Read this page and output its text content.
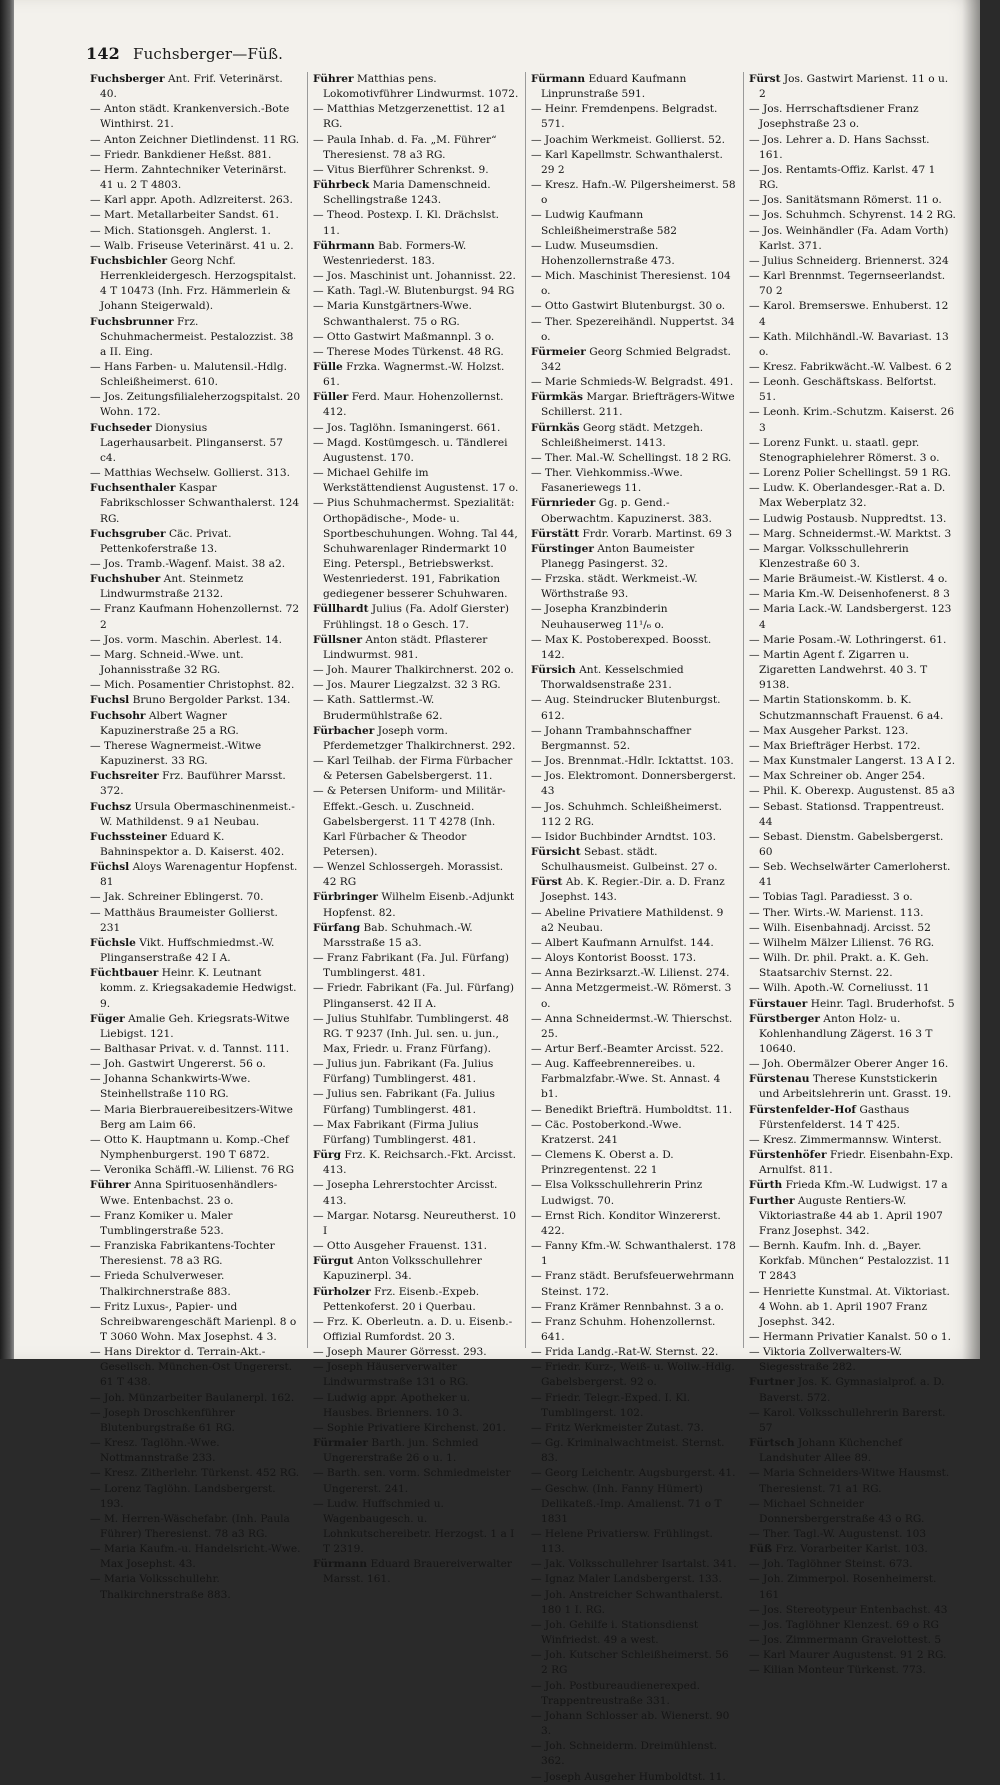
142 Fuchsberger—Füß.

Fuchsberger Ant. Frif. Veterinärst. 40.

— Anton städt. Krankenversich.-Bote Winthirst. 21.

— Anton Zeichner Dietlindenst. 11 RG.

— Friedr. Bankdiener Heßst. 881.

— Herm. Zahntechniker Veterinärst. 41 u. 2 T 4803.

— Karl appr. Apoth. Adlzreiterst. 263.

— Mart. Metallarbeiter Sandst. 61.

— Mich. Stationsgeh. Anglerst. 1.

— Walb. Friseuse Veterinärst. 41 u. 2.

Fuchsbichler Georg Nchf. Herrenkleidergesch. Herzogspitalst. 4 T 10473 (Inh. Frz. Hämmerlein & Johann Steigerwald).

Fuchsbrunner Frz. Schuhmachermeist. Pestalozzist. 38 a II. Eing.

— Hans Farben- u. Malutensil.-Hdlg. Schleißheimerst. 610.

— Jos. Zeitungsfilialeherzogspitalst. 20 Wohn. 172.

Fuchseder Dionysius Lagerhausarbeit. Plinganserst. 57 c4.

— Matthias Wechselw. Gollierst. 313.

Fuchsenthaler Kaspar Fabrikschlosser Schwanthalerst. 124 RG.

Fuchsgruber Cäc. Privat. Pettenkoferstraße 13.

— Jos. Tramb.-Wagenf. Maist. 38 a2.

Fuchshuber Ant. Steinmetz Lindwurmstraße 2132.

— Franz Kaufmann Hohenzollernst. 72 2

— Jos. vorm. Maschin. Aberlest. 14.

— Marg. Schneid.-Wwe. unt. Johannisstraße 32 RG.

— Mich. Posamentier Christophst. 82.

Fuchsl Bruno Bergolder Parkst. 134.

Fuchsohr Albert Wagner Kapuzinerstraße 25 a RG.

— Therese Wagnermeist.-Witwe Kapuzinerst. 33 RG.

Fuchsreiter Frz. Bauführer Marsst. 372.

Fuchsz Ursula Obermaschinenmeist.-W. Mathildenst. 9 a1 Neubau.

Fuchssteiner Eduard K. Bahninspektor a. D. Kaiserst. 402.

Füchsl Aloys Warenagentur Hopfenst. 81

— Jak. Schreiner Eblingerst. 70.

— Matthäus Braumeister Gollierst. 231

Füchsle Vikt. Huffschmiedmst.-W. Plinganserstraße 42 I A.

Füchtbauer Heinr. K. Leutnant komm. z. Kriegsakademie Hedwigst. 9.

Füger Amalie Geh. Kriegsrats-Witwe Liebigst. 121.

— Balthasar Privat. v. d. Tannst. 111.

— Joh. Gastwirt Ungererst. 56 o.

— Johanna Schankwirts-Wwe. Steinhellstraße 110 RG.

— Maria Bierbrauereibesitzers-Witwe Berg am Laim 66.

— Otto K. Hauptmann u. Komp.-Chef Nymphenburgerst. 190 T 6872.

— Veronika Schäffl.-W. Lilienst. 76 RG

Führer Anna Spirituosenhändlers-Wwe. Entenbachst. 23 o.

— Franz Komiker u. Maler Tumblingerstraße 523.

— Franziska Fabrikantens-Tochter Theresienst. 78 a3 RG.

— Frieda Schulverweser. Thalkirchnerstraße 883.

— Fritz Luxus-, Papier- und Schreibwarengeschäft Marienpl. 8 o T 3060 Wohn. Max Josephst. 4 3.

— Hans Direktor d. Terrain-Akt.-Gesellsch. München-Ost Ungererst. 61 T 438.

— Joh. Münzarbeiter Baulanerpl. 162.

— Joseph Droschkenführer Blutenburgstraße 61 RG.

— Kresz. Taglöhn.-Wwe. Nottmannstraße 233.

— Kresz. Zitherlehr. Türkenst. 452 RG.

— Lorenz Taglöhn. Landsbergerst. 193.

— M. Herren-Wäschefabr. (Inh. Paula Führer) Theresienst. 78 a3 RG.

— Maria Kaufm.-u. Handelsricht.-Wwe. Max Josephst. 43.

— Maria Volksschullehr. Thalkirchnerstraße 883.

Führer Matthias pens. Lokomotivführer Lindwurmst. 1072.

— Matthias Metzgerzenettist. 12 a1 RG.

— Paula Inhab. d. Fa. „M. Führer“ Theresienst. 78 a3 RG.

— Vitus Bierführer Schrenkst. 9.

Führbeck Maria Damenschneid. Schellingstraße 1243.

— Theod. Postexp. I. Kl. Drächslst. 11.

Führmann Bab. Formers-W. Westenriederst. 183.

— Jos. Maschinist unt. Johannisst. 22.

— Kath. Tagl.-W. Blutenburgst. 94 RG

— Maria Kunstgärtners-Wwe. Schwanthalerst. 75 o RG.

— Otto Gastwirt Maßmannpl. 3 o.

— Therese Modes Türkenst. 48 RG.

Fülle Frzka. Wagnermst.-W. Holzst. 61.

Füller Ferd. Maur. Hohenzollernst. 412.

— Jos. Taglöhn. Ismaningerst. 661.

— Magd. Kostümgesch. u. Tändlerei Augustenst. 170.

— Michael Gehilfe im Werkstättendienst Augustenst. 17 o.

— Pius Schuhmachermst. Spezialität: Orthopädische-, Mode- u. Sportbeschuhungen. Wohng. Tal 44, Schuhwarenlager Rindermarkt 10 Eing. Peterspl., Betriebswerkst. Westenriederst. 191, Fabrikation gediegener besserer Schuhwaren.

Füllhardt Julius (Fa. Adolf Gierster) Frühlingst. 18 o Gesch. 17.

Füllsner Anton städt. Pflasterer Lindwurmst. 981.

— Joh. Maurer Thalkirchnerst. 202 o.

— Jos. Maurer Liegzalzst. 32 3 RG.

— Kath. Sattlermst.-W. Brudermühlstraße 62.

Fürbacher Joseph vorm. Pferdemetzger Thalkirchnerst. 292.

— Karl Teilhab. der Firma Fürbacher & Petersen Gabelsbergerst. 11.

— & Petersen Uniform- und Militär-Effekt.-Gesch. u. Zuschneid. Gabelsbergerst. 11 T 4278 (Inh. Karl Fürbacher & Theodor Petersen).

— Wenzel Schlossergeh. Morassist. 42 RG

Fürbringer Wilhelm Eisenb.-Adjunkt Hopfenst. 82.

Fürfang Bab. Schuhmach.-W. Marsstraße 15 a3.

— Franz Fabrikant (Fa. Jul. Fürfang) Tumblingerst. 481.

— Friedr. Fabrikant (Fa. Jul. Fürfang) Plinganserst. 42 II A.

— Julius Stuhlfabr. Tumblingerst. 48 RG. T 9237 (Inh. Jul. sen. u. jun., Max, Friedr. u. Franz Fürfang).

— Julius jun. Fabrikant (Fa. Julius Fürfang) Tumblingerst. 481.

— Julius sen. Fabrikant (Fa. Julius Fürfang) Tumblingerst. 481.

— Max Fabrikant (Firma Julius Fürfang) Tumblingerst. 481.

Fürg Frz. K. Reichsarch.-Fkt. Arcisst. 413.

— Josepha Lehrerstochter Arcisst. 413.

— Margar. Notarsg. Neureutherst. 10 I

— Otto Ausgeher Frauenst. 131.

Fürgut Anton Volksschullehrer Kapuzinerpl. 34.

Fürholzer Frz. Eisenb.-Expeb. Pettenkoferst. 20 i Querbau.

— Frz. K. Oberleutn. a. D. u. Eisenb.-Offizial Rumfordst. 20 3.

— Joseph Maurer Görresst. 293.

— Joseph Häuserverwalter Lindwurmstraße 131 o RG.

— Ludwig appr. Apotheker u. Hausbes. Brienners. 10 3.

— Sophie Privatiere Kirchenst. 201.

Fürmaier Barth. jun. Schmied Ungererstraße 26 o u. 1.

— Barth. sen. vorm. Schmiedmeister Ungererst. 241.

— Ludw. Huffschmied u. Wagenbaugesch. u. Lohnkutschereibetr. Herzogst. 1 a I T 2319.

Fürmann Eduard Brauereiverwalter Marsst. 161.

Fürmann Eduard Kaufmann Linprunstraße 591.

— Heinr. Fremdenpens. Belgradst. 571.

— Joachim Werkmeist. Gollierst. 52.

— Karl Kapellmstr. Schwanthalerst. 29 2

— Kresz. Hafn.-W. Pilgersheimerst. 58 o

— Ludwig Kaufmann Schleißheimerstraße 582

— Ludw. Museumsdien. Hohenzollernstraße 473.

— Mich. Maschinist Theresienst. 104 o.

— Otto Gastwirt Blutenburgst. 30 o.

— Ther. Spezereihändl. Nuppertst. 34 o.

Fürmeier Georg Schmied Belgradst. 342

— Marie Schmieds-W. Belgradst. 491.

Fürmkäs Margar. Briefträgers-Witwe Schillerst. 211.

Fürnkäs Georg städt. Metzgeh. Schleißheimerst. 1413.

— Ther. Mal.-W. Schellingst. 18 2 RG.

— Ther. Viehkommiss.-Wwe. Fasaneriewegs 11.

Fürnrieder Gg. p. Gend.-Oberwachtm. Kapuzinerst. 383.

Fürstätt Frdr. Vorarb. Martinst. 69 3

Fürstinger Anton Baumeister Planegg Pasingerst. 32.

— Frzska. städt. Werkmeist.-W. Wörthstraße 93.

— Josepha Kranzbinderin Neuhauserweg 11¹/₆ o.

— Max K. Postoberexped. Boosst. 142.

Fürsich Ant. Kesselschmied Thorwaldsenstraße 231.

— Aug. Steindrucker Blutenburgst. 612.

— Johann Trambahnschaffner Bergmannst. 52.

— Jos. Brennmat.-Hdlr. Icktattst. 103.

— Jos. Elektromont. Donnersbergerst. 43

— Jos. Schuhmch. Schleißheimerst. 112 2 RG.

— Isidor Buchbinder Arndtst. 103.

Fürsicht Sebast. städt. Schulhausmeist. Gulbeinst. 27 o.

Fürst Ab. K. Regier.-Dir. a. D. Franz Josephst. 143.

— Abeline Privatiere Mathildenst. 9 a2 Neubau.

— Albert Kaufmann Arnulfst. 144.

— Aloys Kontorist Boosst. 173.

— Anna Bezirksarzt.-W. Lilienst. 274.

— Anna Metzgermeist.-W. Römerst. 3 o.

— Anna Schneidermst.-W. Thierschst. 25.

— Artur Berf.-Beamter Arcisst. 522.

— Aug. Kaffeebrennereibes. u. Farbmalzfabr.-Wwe. St. Annast. 4 b1.

— Benedikt Briefträ. Humboldtst. 11.

— Cäc. Postoberkond.-Wwe. Kratzerst. 241

— Clemens K. Oberst a. D. Prinzregentenst. 22 1

— Elsa Volksschullehrerin Prinz Ludwigst. 70.

— Ernst Rich. Konditor Winzererst. 422.

— Fanny Kfm.-W. Schwanthalerst. 178 1

— Franz städt. Berufsfeuerwehrmann Steinst. 172.

— Franz Krämer Rennbahnst. 3 a o.

— Franz Schuhm. Hohenzollernst. 641.

— Frida Landg.-Rat-W. Sternst. 22.

— Friedr. Kurz-, Weiß- u. Wollw.-Hdlg. Gabelsbergerst. 92 o.

— Friedr. Telegr.-Exped. I. Kl. Tumblingerst. 102.

— Fritz Werkmeister Zutast. 73.

— Gg. Kriminalwachtmeist. Sternst. 83.

— Georg Leichentr. Augsburgerst. 41.

— Geschw. (Inh. Fanny Hümert) Delikateß.-Imp. Amalienst. 71 o T 1831

— Helene Privatiersw. Frühlingst. 113.

— Jak. Volksschullehrer Isartalst. 341.

— Ignaz Maler Landsbergerst. 133.

— Joh. Anstreicher Schwanthalerst. 180 1 I. RG.

— Joh. Gehilfe i. Stationsdienst Winfriedst. 49 a west.

— Joh. Kutscher Schleißheimerst. 56 2 RG

— Joh. Postbureaudienerexped. Trappentreustraße 331.

— Johann Schlosser ab. Wienerst. 90 3.

— Joh. Schneiderm. Dreimühlenst. 362.

— Joseph Ausgeher Humboldtst. 11.

Fürst Jos. Gastwirt Marienst. 11 o u. 2

— Jos. Herrschaftsdiener Franz Josephstraße 23 o.

— Jos. Lehrer a. D. Hans Sachsst. 161.

— Jos. Rentamts-Offiz. Karlst. 47 1 RG.

— Jos. Sanitätsmann Römerst. 11 o.

— Jos. Schuhmch. Schyrenst. 14 2 RG.

— Jos. Weinhändler (Fa. Adam Vorth) Karlst. 371.

— Julius Schneiderg. Briennerst. 324

— Karl Brennmst. Tegernseerlandst. 70 2

— Karol. Bremserswe. Enhuberst. 12 4

— Kath. Milchhändl.-W. Bavariast. 13 o.

— Kresz. Fabrikwächt.-W. Valbest. 6 2

— Leonh. Geschäftskass. Belfortst. 51.

— Leonh. Krim.-Schutzm. Kaiserst. 26 3

— Lorenz Funkt. u. staatl. gepr. Stenographielehrer Römerst. 3 o.

— Lorenz Polier Schellingst. 59 1 RG.

— Ludw. K. Oberlandesger.-Rat a. D. Max Weberplatz 32.

— Ludwig Postausb. Nuppredtst. 13.

— Marg. Schneidermst.-W. Marktst. 3

— Margar. Volksschullehrerin Klenzestraße 60 3.

— Marie Bräumeist.-W. Kistlerst. 4 o.

— Maria Km.-W. Deisenhofenerst. 8 3

— Maria Lack.-W. Landsbergerst. 123 4

— Marie Posam.-W. Lothringerst. 61.

— Martin Agent f. Zigarren u. Zigaretten Landwehrst. 40 3. T 9138.

— Martin Stationskomm. b. K. Schutzmannschaft Frauenst. 6 a4.

— Max Ausgeher Parkst. 123.

— Max Briefträger Herbst. 172.

— Max Kunstmaler Langerst. 13 A I 2.

— Max Schreiner ob. Anger 254.

— Phil. K. Oberexp. Augustenst. 85 a3

— Sebast. Stationsd. Trappentreust. 44

— Sebast. Dienstm. Gabelsbergerst. 60

— Seb. Wechselwärter Camerloherst. 41

— Tobias Tagl. Paradiesst. 3 o.

— Ther. Wirts.-W. Marienst. 113.

— Wilh. Eisenbahnadj. Arcisst. 52

— Wilhelm Mälzer Lilienst. 76 RG.

— Wilh. Dr. phil. Prakt. a. K. Geh. Staatsarchiv Sternst. 22.

— Wilh. Apoth.-W. Corneliusst. 11

Fürstauer Heinr. Tagl. Bruderhofst. 5

Fürstberger Anton Holz- u. Kohlenhandlung Zägerst. 16 3 T 10640.

— Joh. Obermälzer Oberer Anger 16.

Fürstenau Therese Kunststickerin und Arbeitslehrerin unt. Grasst. 19.

Fürstenfelder-Hof Gasthaus Fürstenfelderst. 14 T 425.

— Kresz. Zimmermannsw. Winterst.

Fürstenhöfer Friedr. Eisenbahn-Exp. Arnulfst. 811.

Fürth Frieda Kfm.-W. Ludwigst. 17 a

Further Auguste Rentiers-W. Viktoriastraße 44 ab 1. April 1907 Franz Josephst. 342.

— Bernh. Kaufm. Inh. d. „Bayer. Korkfab. München“ Pestalozzist. 11 T 2843

— Henriette Kunstmal. At. Viktoriast. 4 Wohn. ab 1. April 1907 Franz Josephst. 342.

— Hermann Privatier Kanalst. 50 o 1.

— Viktoria Zollverwalters-W. Siegesstraße 282.

Furtner Jos. K. Gymnasialprof. a. D. Baverst. 572.

— Karol. Volksschullehrerin Barerst. 57

Fürtsch Johann Küchenchef Landshuter Allee 89.

— Maria Schneiders-Witwe Hausmst. Theresienst. 71 a1 RG.

— Michael Schneider Donnersbergerstraße 43 o RG.

— Ther. Tagl.-W. Augustenst. 103

Füß Frz. Vorarbeiter Karlst. 103.

— Joh. Taglöhner Steinst. 673.

— Joh. Zimmerpol. Rosenheimerst. 161

— Jos. Stereotypeur Entenbachst. 43

— Jos. Taglöhner Klenzest. 69 o RG

— Jos. Zimmermann Gravelottest. 5

— Karl Maurer Augustenst. 91 2 RG.

— Kilian Monteur Türkenst. 773.
